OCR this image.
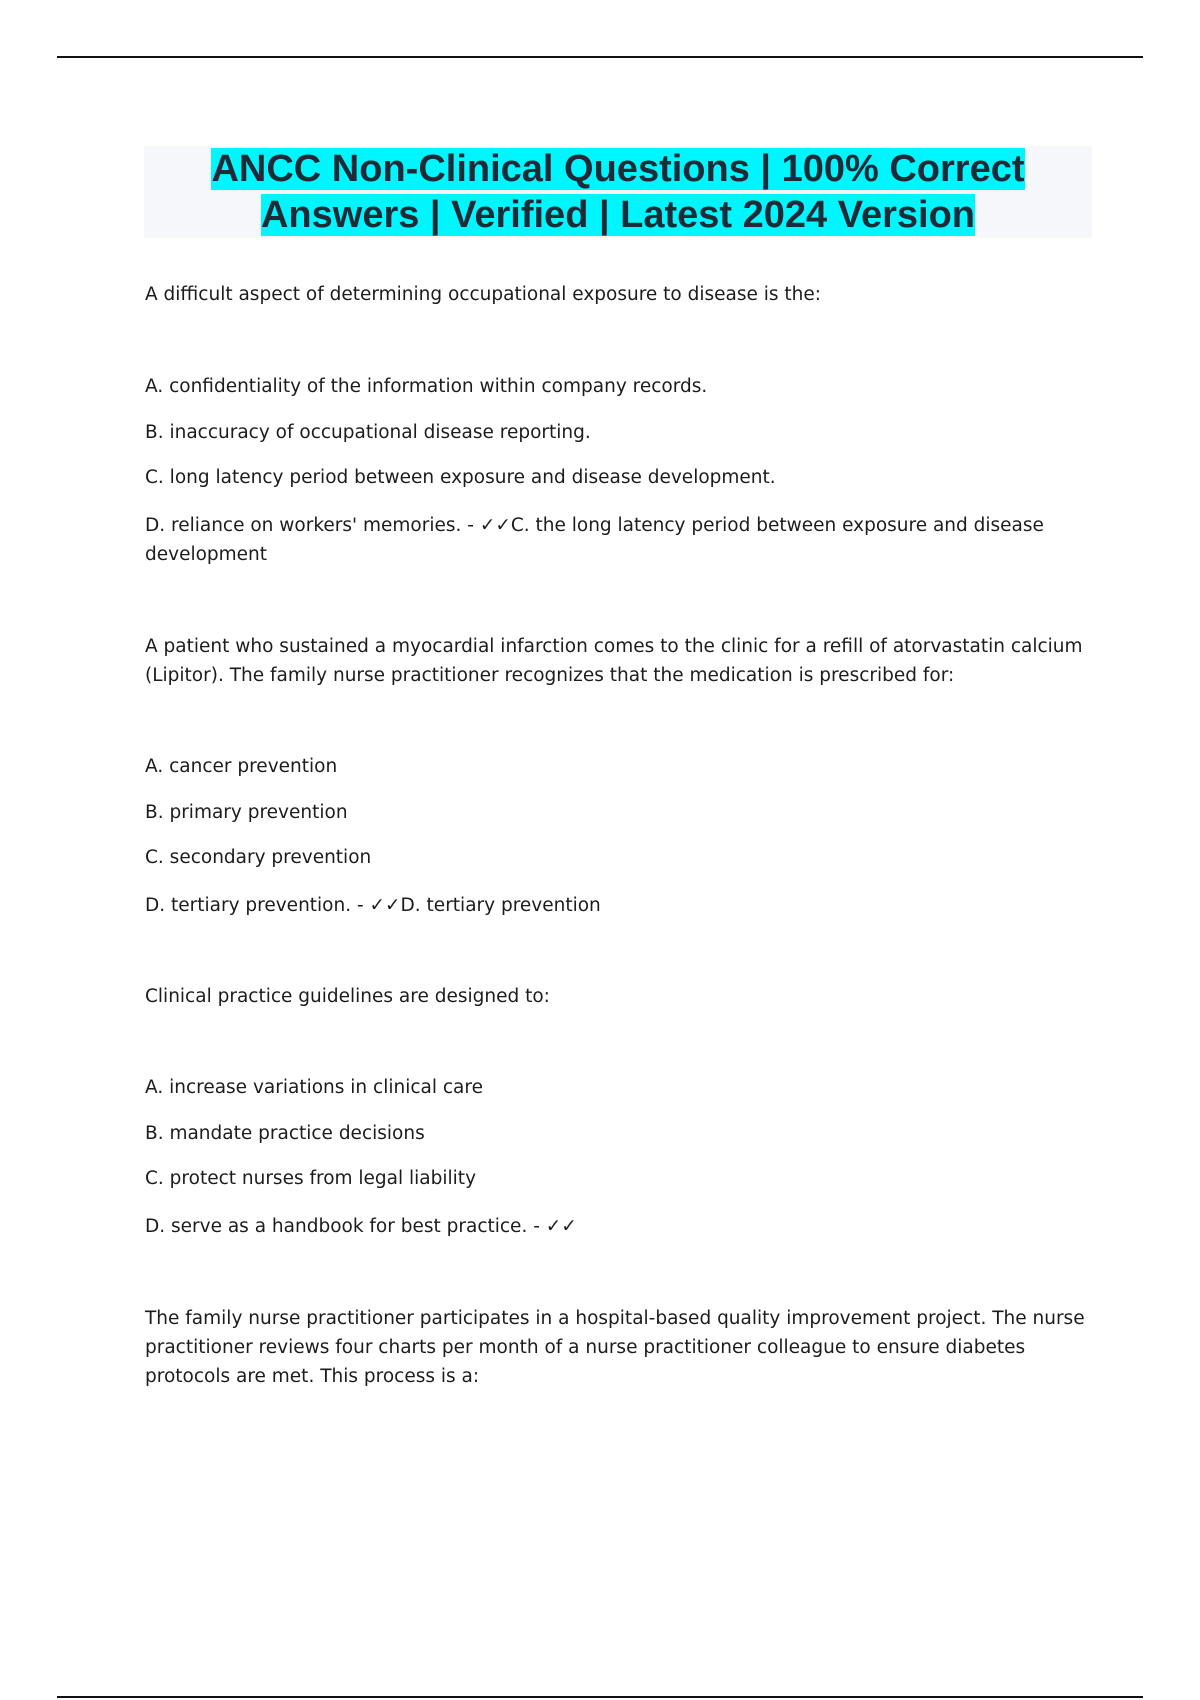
ANCC Non-Clinical Questions | 100% Correct Answers | Verified | Latest 2024 Version
A difficult aspect of determining occupational exposure to disease is the:
A. confidentiality of the information within company records.
B. inaccuracy of occupational disease reporting.
C. long latency period between exposure and disease development.
D. reliance on workers' memories. - ✓✓C. the long latency period between exposure and disease development
A patient who sustained a myocardial infarction comes to the clinic for a refill of atorvastatin calcium (Lipitor). The family nurse practitioner recognizes that the medication is prescribed for:
A. cancer prevention
B. primary prevention
C. secondary prevention
D. tertiary prevention. - ✓✓D. tertiary prevention
Clinical practice guidelines are designed to:
A. increase variations in clinical care
B. mandate practice decisions
C. protect nurses from legal liability
D. serve as a handbook for best practice. - ✓✓
The family nurse practitioner participates in a hospital-based quality improvement project. The nurse practitioner reviews four charts per month of a nurse practitioner colleague to ensure diabetes protocols are met. This process is a:
